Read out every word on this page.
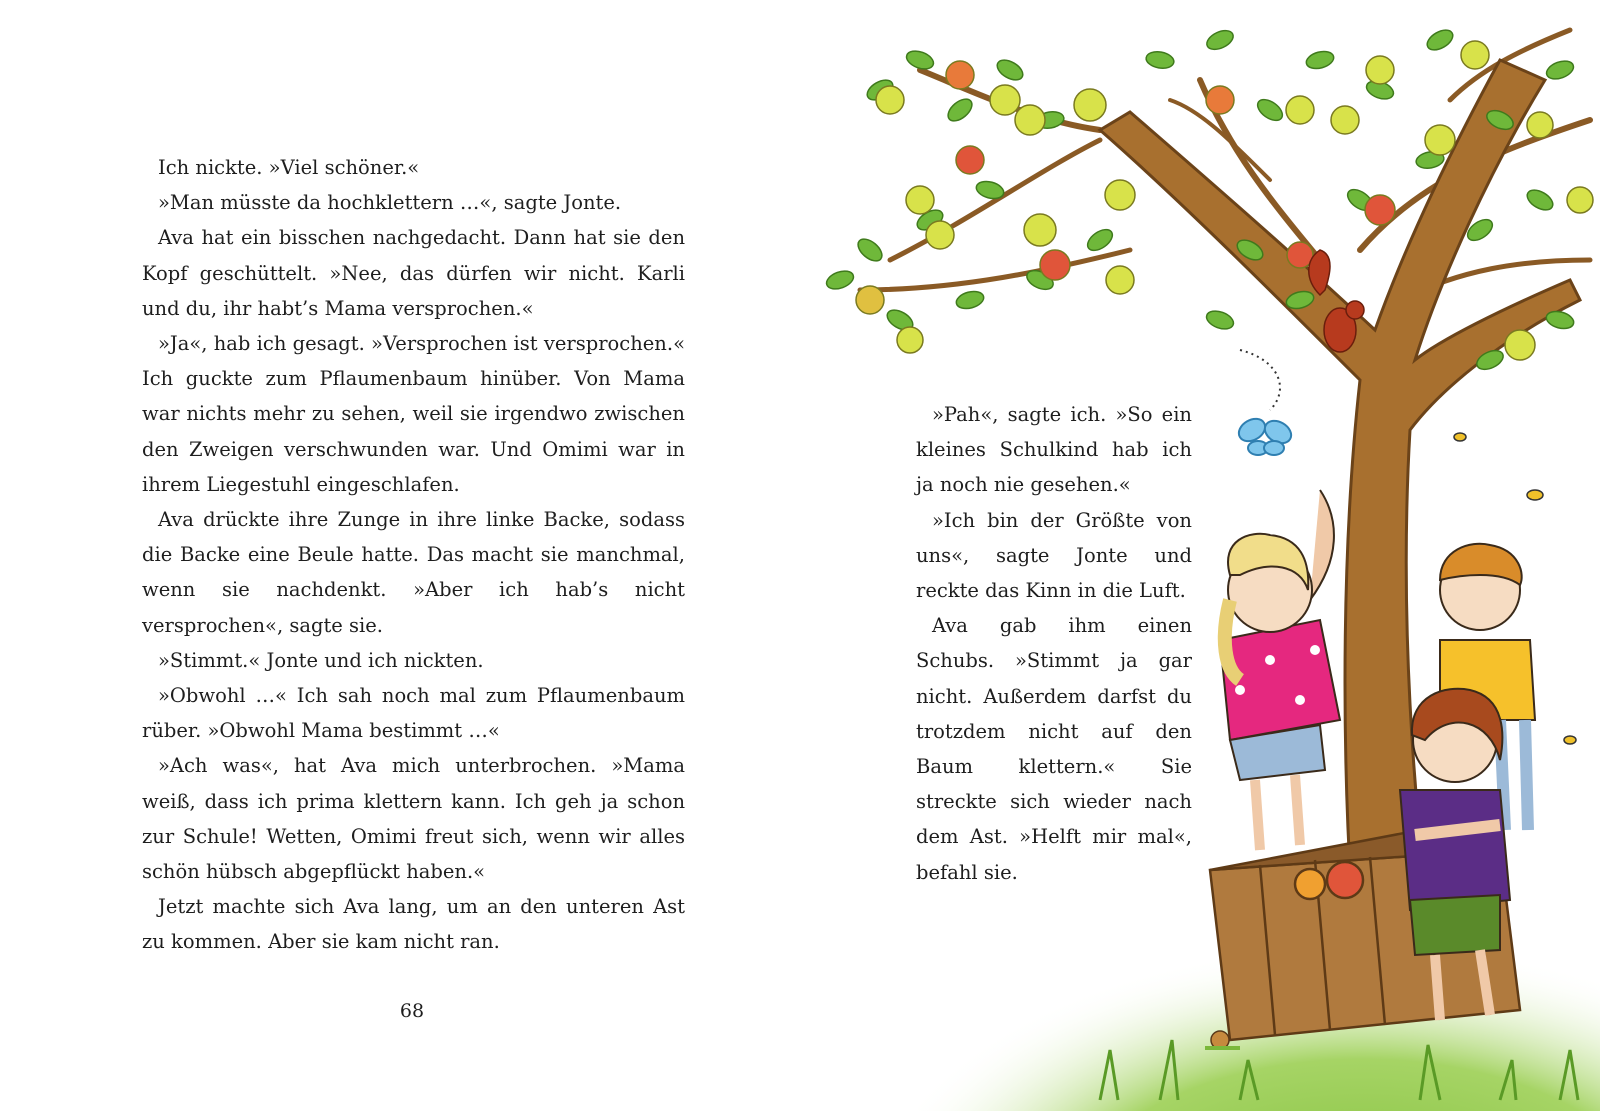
Ich nickte. »Viel schöner.«

»Man müsste da hochklettern …«, sagte Jonte.

Ava hat ein bisschen nachgedacht. Dann hat sie den Kopf geschüttelt. »Nee, das dürfen wir nicht. Karli und du, ihr habt’s Mama versprochen.«

»Ja«, hab ich gesagt. »Versprochen ist versprochen.« Ich guckte zum Pflaumenbaum hinüber. Von Mama war nichts mehr zu sehen, weil sie irgendwo zwischen den Zweigen verschwunden war. Und Omimi war in ihrem Liegestuhl eingeschlafen.

Ava drückte ihre Zunge in ihre linke Backe, sodass die Backe eine Beule hatte. Das macht sie manchmal, wenn sie nachdenkt. »Aber ich hab’s nicht versprochen«, sagte sie.

»Stimmt.« Jonte und ich nickten.

»Obwohl …« Ich sah noch mal zum Pflaumenbaum rüber. »Obwohl Mama bestimmt …«

»Ach was«, hat Ava mich unterbrochen. »Mama weiß, dass ich prima klettern kann. Ich geh ja schon zur Schule! Wetten, Omimi freut sich, wenn wir alles schön hübsch abgepflückt haben.«

Jetzt machte sich Ava lang, um an den unteren Ast zu kommen. Aber sie kam nicht ran.

68

»Pah«, sagte ich. »So ein kleines Schulkind hab ich ja noch nie gesehen.«

»Ich bin der Größte von uns«, sagte Jonte und reckte das Kinn in die Luft.

Ava gab ihm einen Schubs. »Stimmt ja gar nicht. Außerdem darfst du trotzdem nicht auf den Baum klettern.« Sie streckte sich wieder nach dem Ast. »Helft mir mal«, befahl sie.
